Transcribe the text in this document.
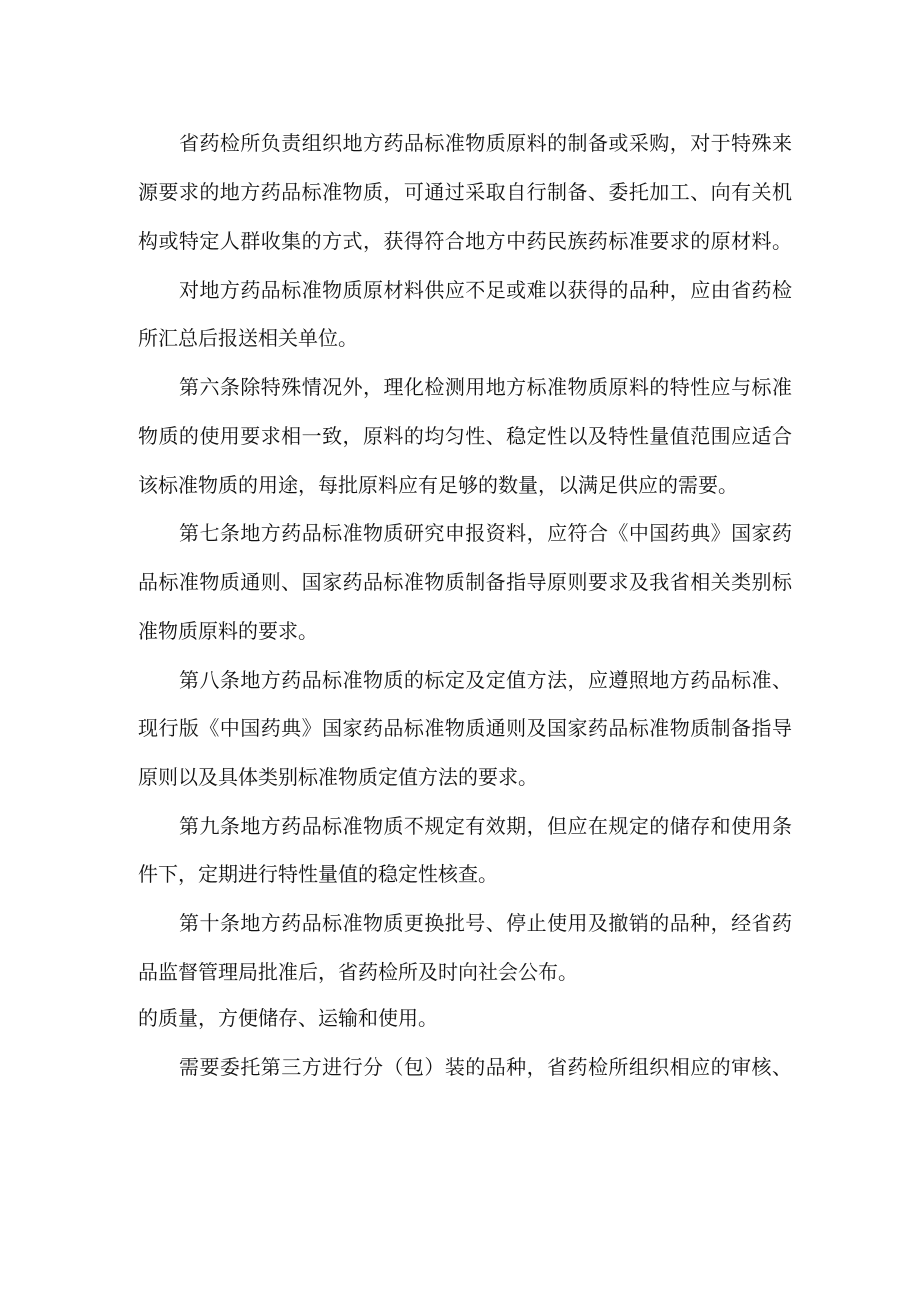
省药检所负责组织地方药品标准物质原料的制备或采购，对于特殊来
源要求的地方药品标准物质，可通过采取自行制备、委托加工、向有关机
构或特定人群收集的方式，获得符合地方中药民族药标准要求的原材料。
对地方药品标准物质原材料供应不足或难以获得的品种，应由省药检
所汇总后报送相关单位。
第六条除特殊情况外，理化检测用地方标准物质原料的特性应与标准
物质的使用要求相一致，原料的均匀性、稳定性以及特性量值范围应适合
该标准物质的用途，每批原料应有足够的数量，以满足供应的需要。
第七条地方药品标准物质研究申报资料，应符合《中国药典》国家药
品标准物质通则、国家药品标准物质制备指导原则要求及我省相关类别标
准物质原料的要求。
第八条地方药品标准物质的标定及定值方法，应遵照地方药品标准、
现行版《中国药典》国家药品标准物质通则及国家药品标准物质制备指导
原则以及具体类别标准物质定值方法的要求。
第九条地方药品标准物质不规定有效期，但应在规定的储存和使用条
件下，定期进行特性量值的稳定性核查。
第十条地方药品标准物质更换批号、停止使用及撤销的品种，经省药
品监督管理局批准后，省药检所及时向社会公布。
的质量，方便储存、运输和使用。
需要委托第三方进行分（包）装的品种，省药检所组织相应的审核、
